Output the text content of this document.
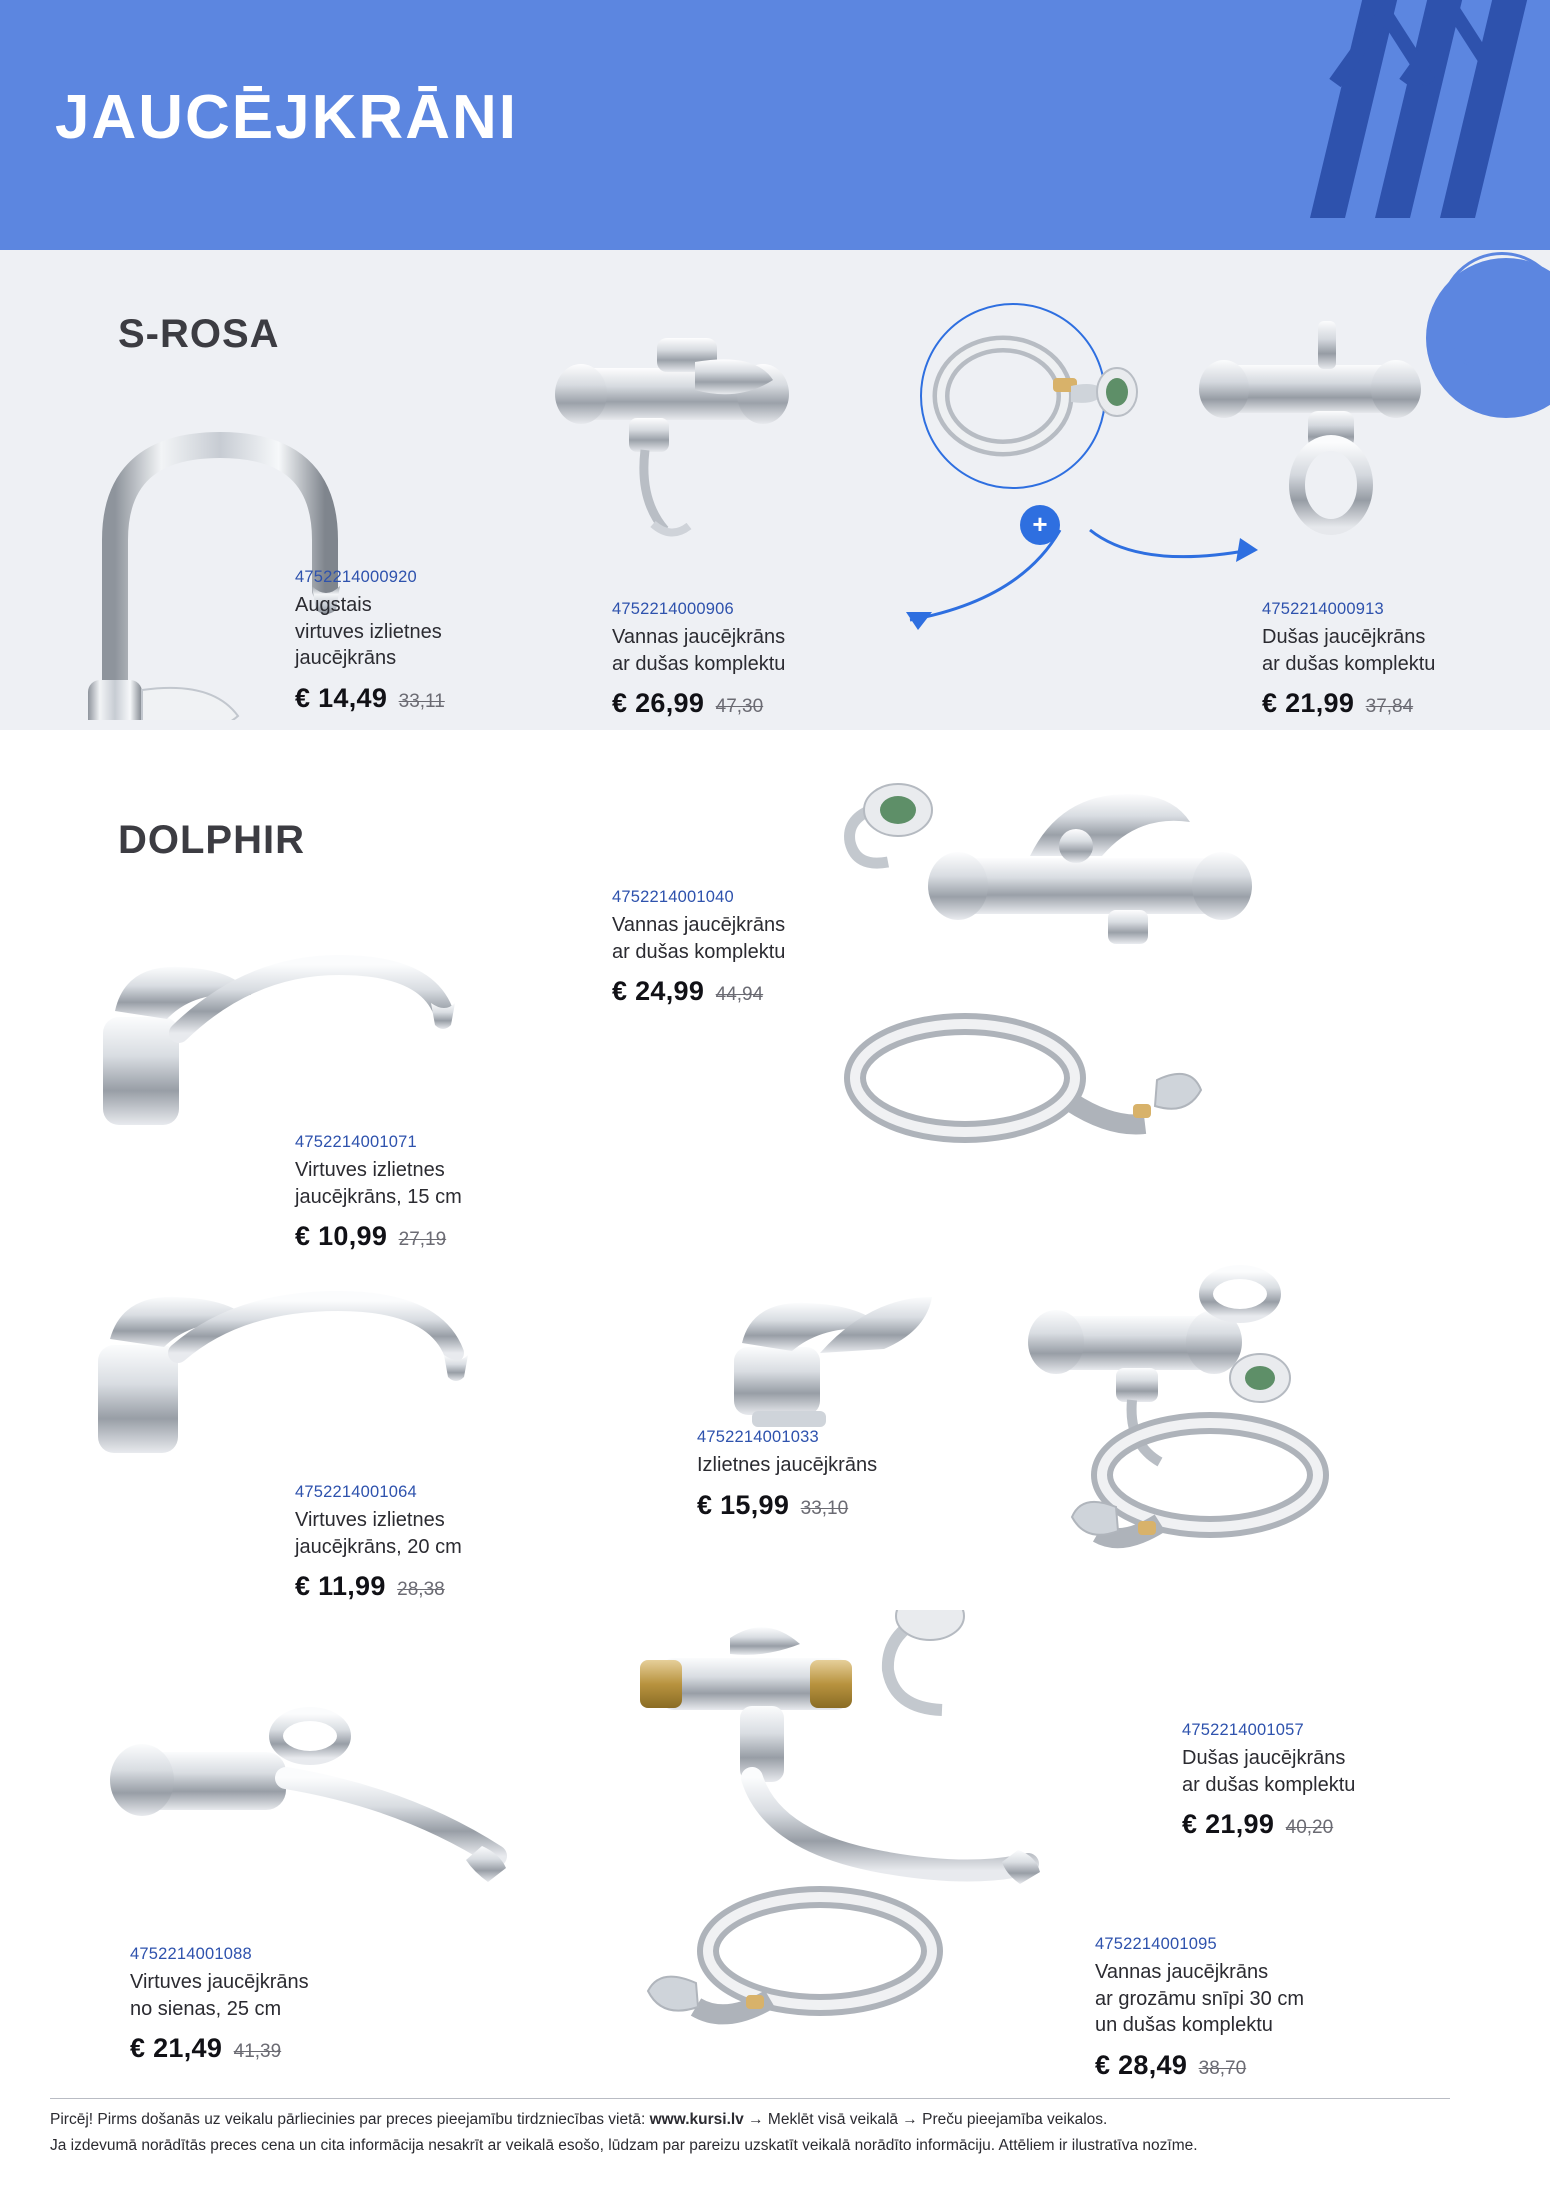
JAUCĒJKRĀNI
S-ROSA
DOLPHIR
+
4752214000920
Augstais
virtuves izlietnes
jaucējkrāns
€ 14,49 33,11
4752214000906
Vannas jaucējkrāns
ar dušas komplektu
€ 26,99 47,30
4752214000913
Dušas jaucējkrāns
ar dušas komplektu
€ 21,99 37,84
4752214001040
Vannas jaucējkrāns
ar dušas komplektu
€ 24,99 44,94
4752214001071
Virtuves izlietnes
jaucējkrāns, 15 cm
€ 10,99 27,19
4752214001033
Izlietnes jaucējkrāns
€ 15,99 33,10
4752214001064
Virtuves izlietnes
jaucējkrāns, 20 cm
€ 11,99 28,38
4752214001057
Dušas jaucējkrāns
ar dušas komplektu
€ 21,99 40,20
4752214001088
Virtuves jaucējkrāns
no sienas, 25 cm
€ 21,49 41,39
4752214001095
Vannas jaucējkrāns
ar grozāmu snīpi 30 cm
un dušas komplektu
€ 28,49 38,70

Pircēj! Pirms došanās uz veikalu pārliecinies par preces pieejamību tirdzniecības vietā: www.kursi.lv → Meklēt visā veikalā → Preču pieejamība veikalos.

Ja izdevumā norādītās preces cena un cita informācija nesakrīt ar veikalā esošo, lūdzam par pareizu uzskatīt veikalā norādīto informāciju. Attēliem ir ilustratīva nozīme.
